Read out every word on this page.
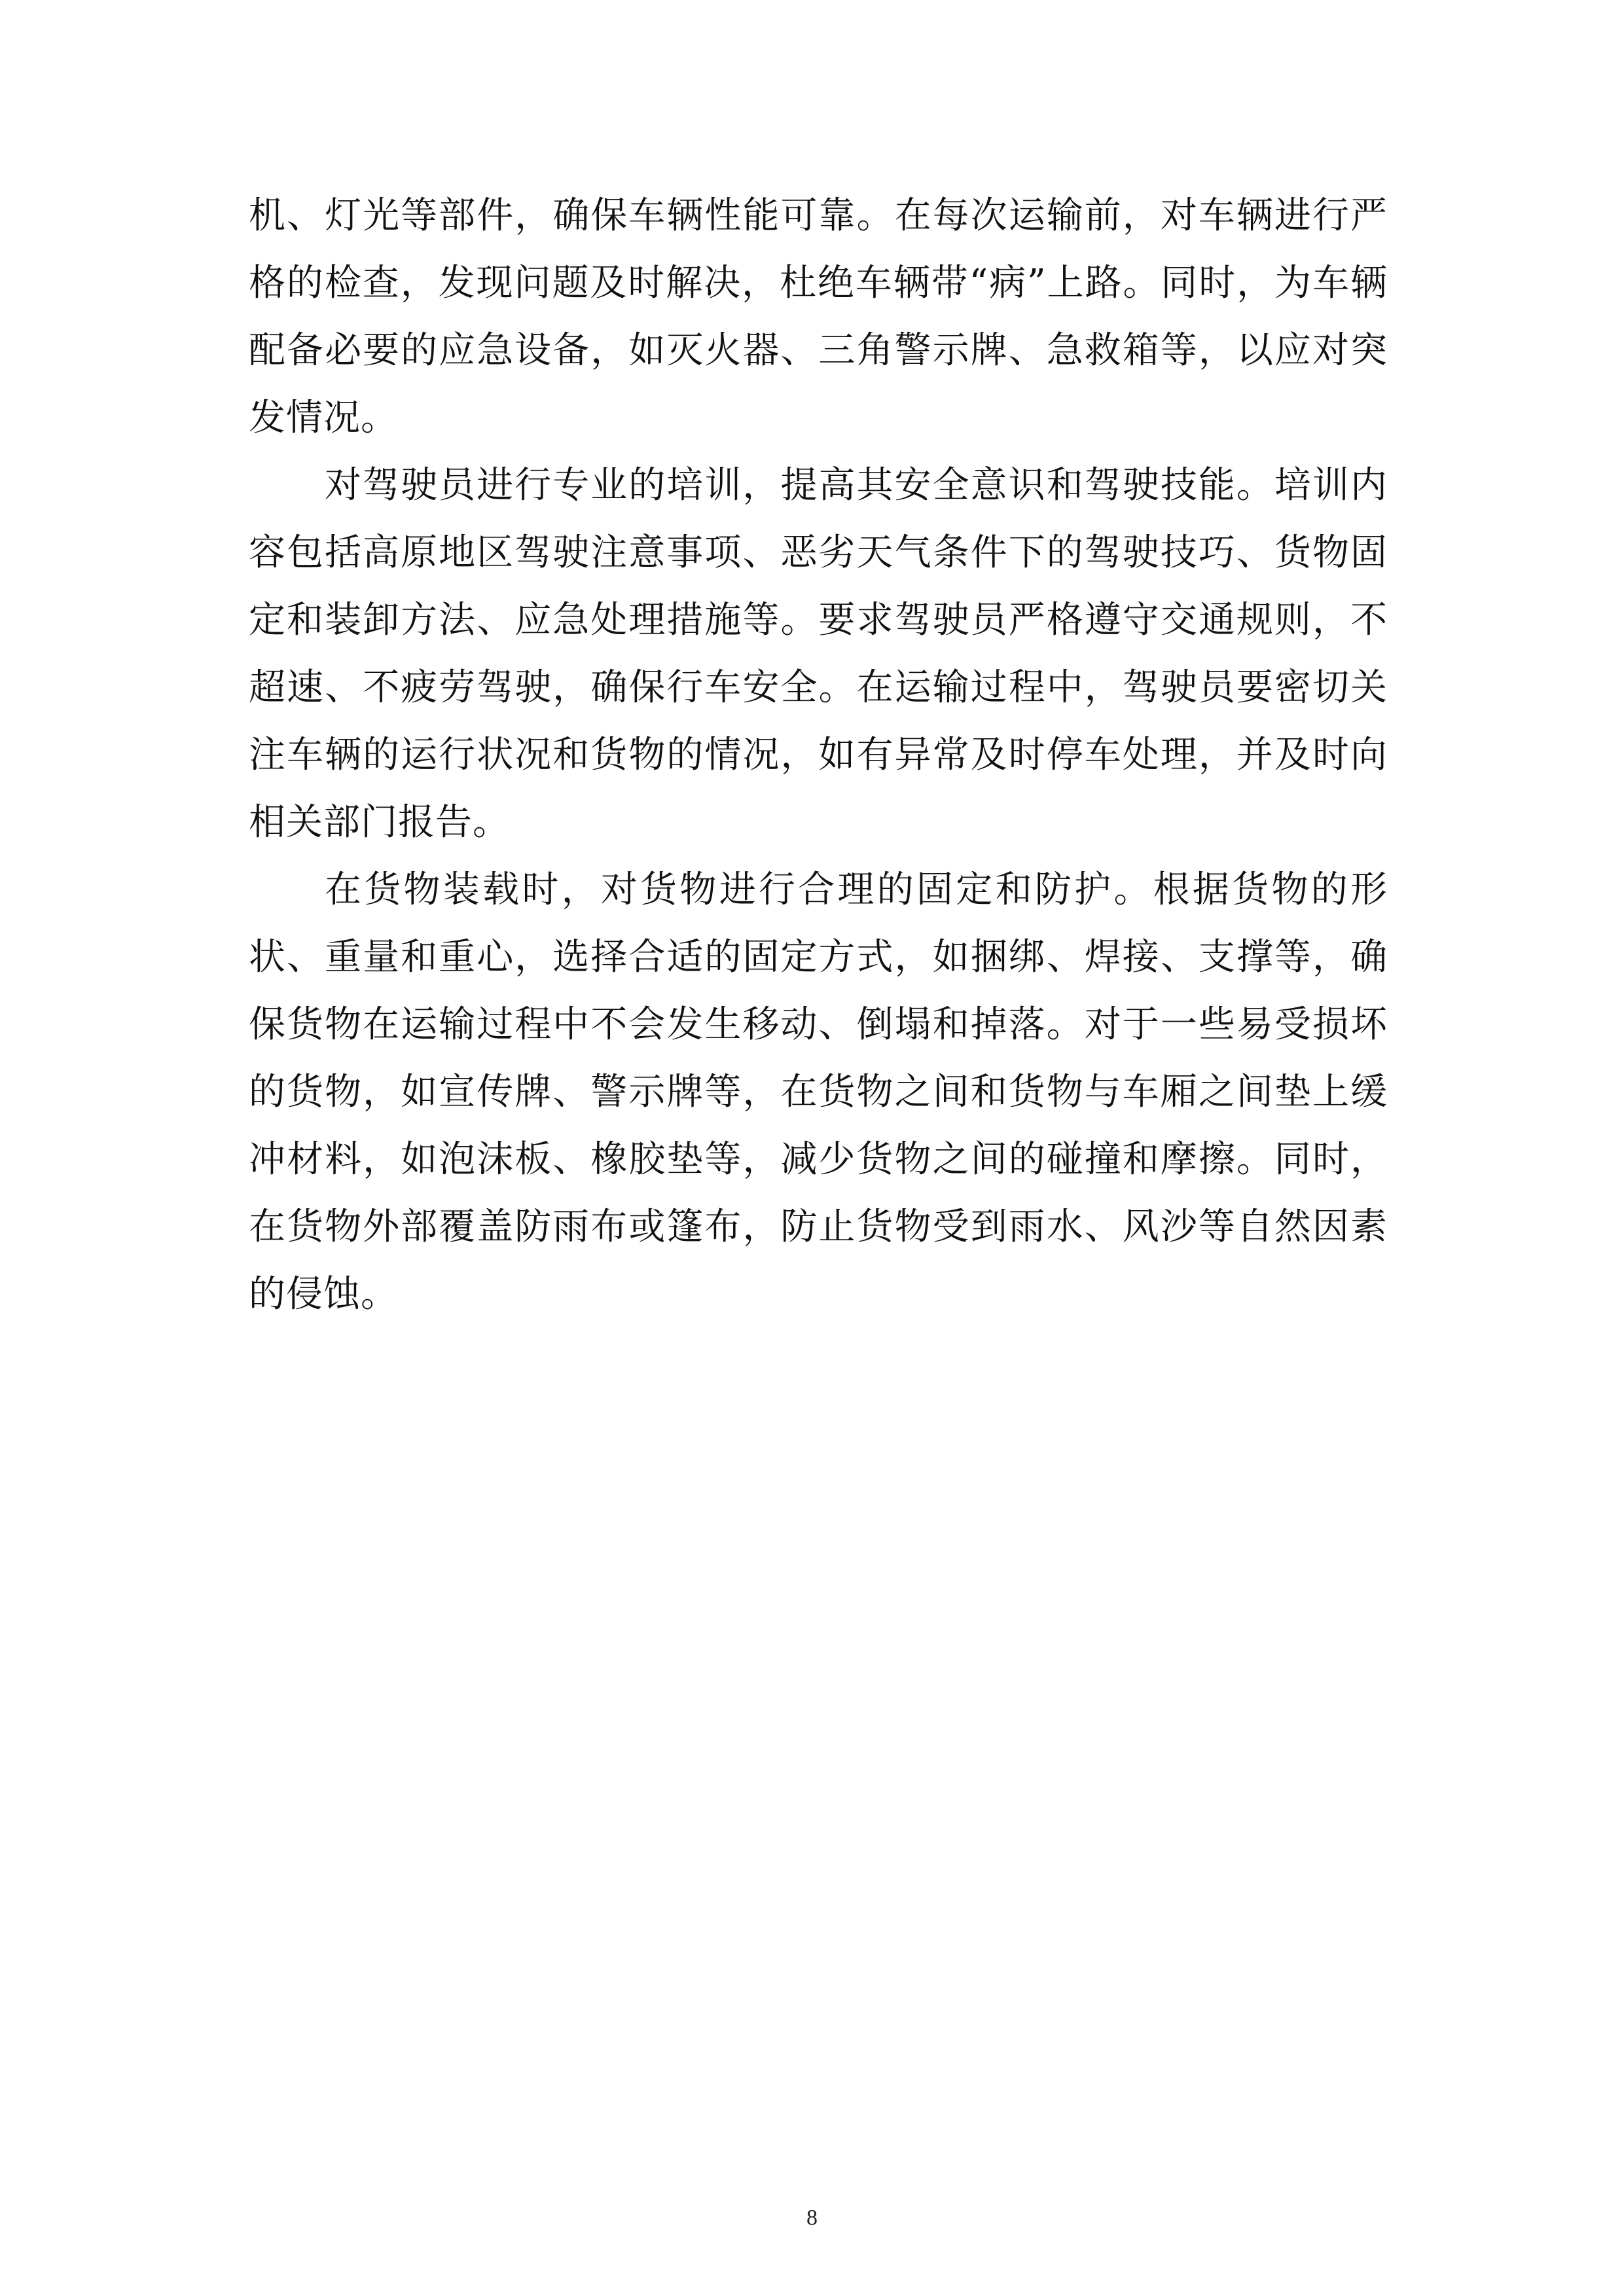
机、灯光等部件，确保车辆性能可靠。在每次运输前，对车辆进行严格的检查，发现问题及时解决，杜绝车辆带“病”上路。同时，为车辆配备必要的应急设备，如灭火器、三角警示牌、急救箱等，以应对突发情况。

对驾驶员进行专业的培训，提高其安全意识和驾驶技能。培训内容包括高原地区驾驶注意事项、恶劣天气条件下的驾驶技巧、货物固定和装卸方法、应急处理措施等。要求驾驶员严格遵守交通规则，不超速、不疲劳驾驶，确保行车安全。在运输过程中，驾驶员要密切关注车辆的运行状况和货物的情况，如有异常及时停车处理，并及时向相关部门报告。

在货物装载时，对货物进行合理的固定和防护。根据货物的形状、重量和重心，选择合适的固定方式，如捆绑、焊接、支撑等，确保货物在运输过程中不会发生移动、倒塌和掉落。对于一些易受损坏的货物，如宣传牌、警示牌等，在货物之间和货物与车厢之间垫上缓冲材料，如泡沫板、橡胶垫等，减少货物之间的碰撞和摩擦。同时，在货物外部覆盖防雨布或篷布，防止货物受到雨水、风沙等自然因素的侵蚀。

8
